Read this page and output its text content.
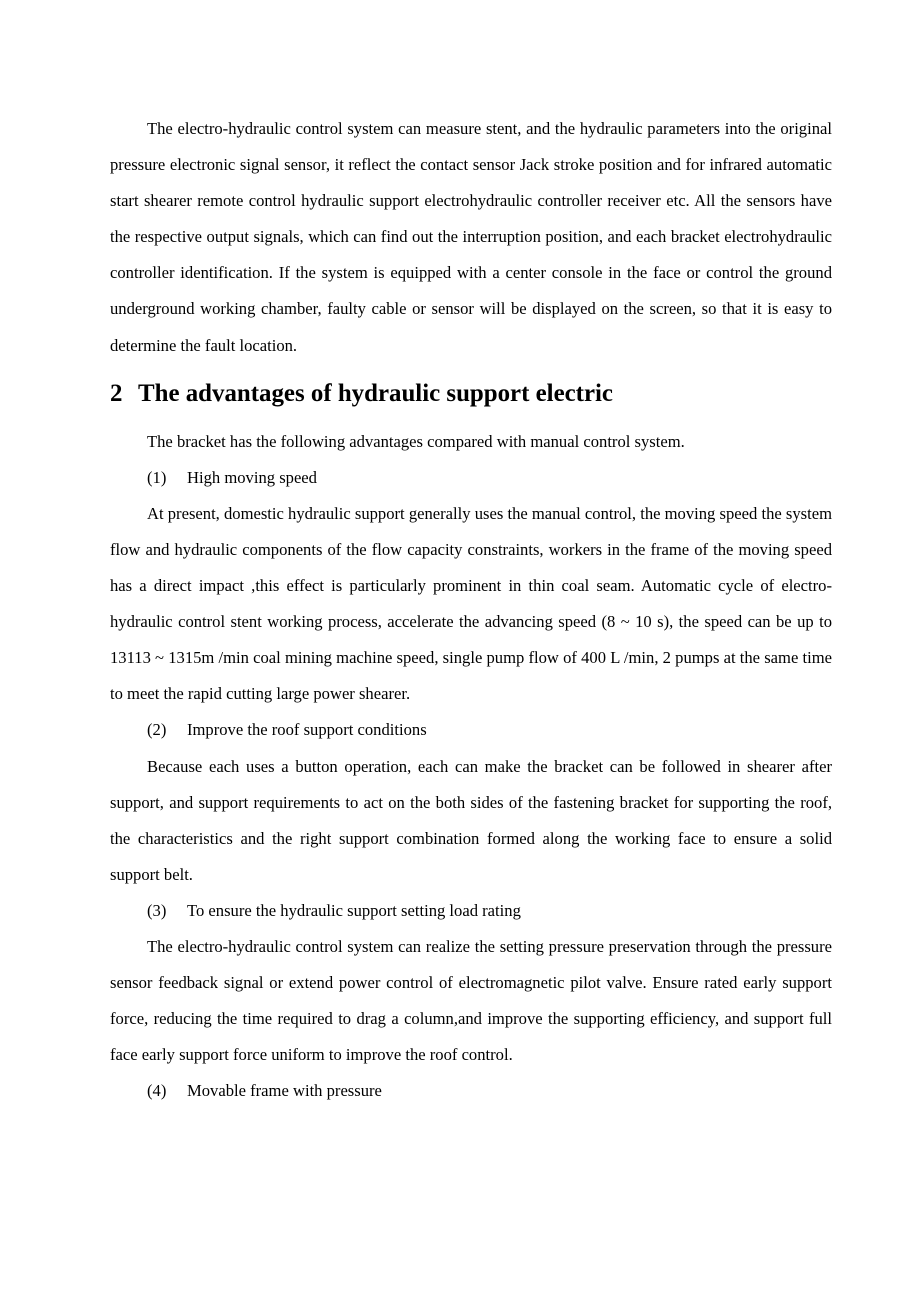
The electro-hydraulic control system can measure stent, and the hydraulic parameters into the original pressure electronic signal sensor, it reflect the contact sensor Jack stroke position and for infrared automatic start shearer remote control hydraulic support electrohydraulic controller receiver etc. All the sensors have the respective output signals, which can find out the interruption position, and each bracket electrohydraulic controller identification. If the system is equipped with a center console in the face or control the ground underground working chamber, faulty cable or sensor will be displayed on the screen, so that it is easy to determine the fault location.

2 The advantages of hydraulic support electric

The bracket has the following advantages compared with manual control system.

(1) High moving speed

At present, domestic hydraulic support generally uses the manual control, the moving speed the system flow and hydraulic components of the flow capacity constraints, workers in the frame of the moving speed has a direct impact ,this effect is particularly prominent in thin coal seam. Automatic cycle of electro-hydraulic control stent working process, accelerate the advancing speed (8 ~ 10 s), the speed can be up to 13113 ~ 1315m /min coal mining machine speed, single pump flow of 400 L /min, 2 pumps at the same time to meet the rapid cutting large power shearer.

(2) Improve the roof support conditions

Because each uses a button operation, each can make the bracket can be followed in shearer after support, and support requirements to act on the both sides of the fastening bracket for supporting the roof, the characteristics and the right support combination formed along the working face to ensure a solid support belt.

(3) To ensure the hydraulic support setting load rating

The electro-hydraulic control system can realize the setting pressure preservation through the pressure sensor feedback signal or extend power control of electromagnetic pilot valve. Ensure rated early support force, reducing the time required to drag a column,and improve the supporting efficiency, and support full face early support force uniform to improve the roof control.

(4) Movable frame with pressure
